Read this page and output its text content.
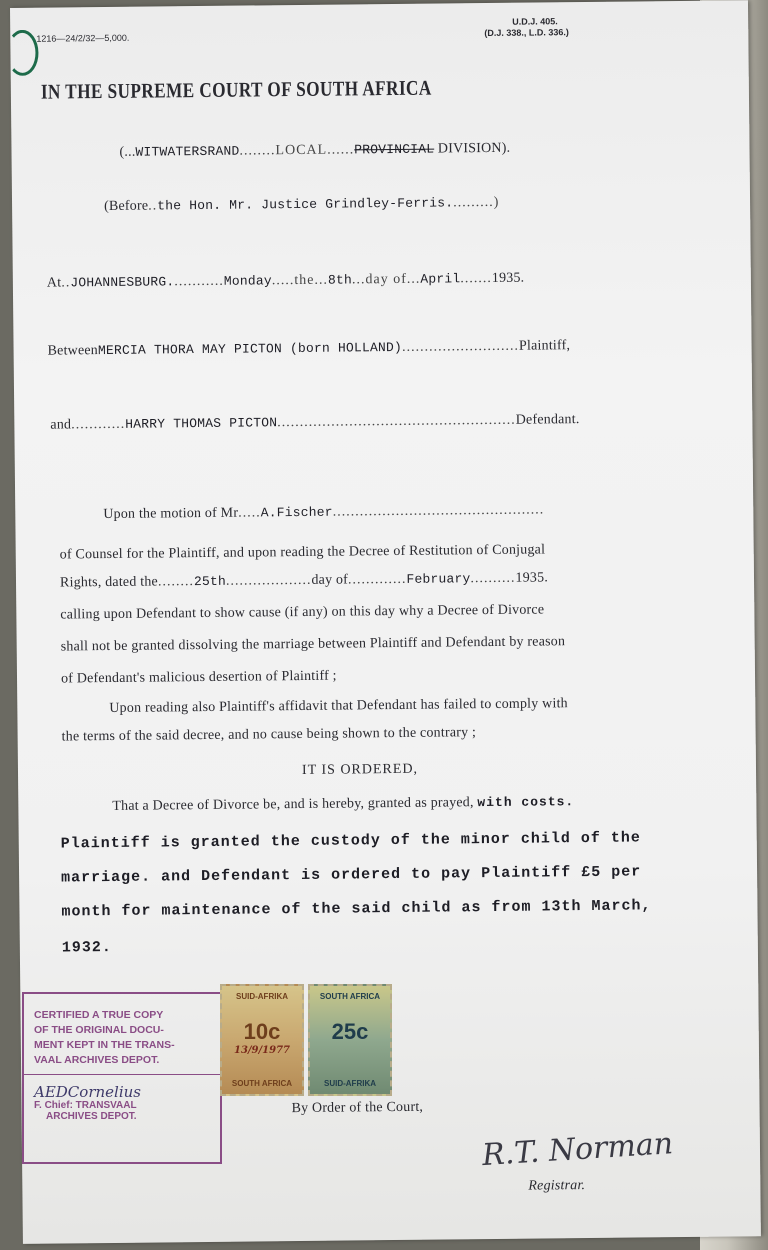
1216—24/2/32—5,000.
U.D.J. 405.
(D.J. 338., L.D. 336.)
IN THE SUPREME COURT OF SOUTH AFRICA
(...WITWATERSRAND........LOCAL......PROVINCIAL DIVISION).
(Before..the Hon. Mr. Justice Grindley-Ferris..........)
At..JOHANNESBURG............Monday.....the...8th...day of...April.......1935.
BetweenMERCIA THORA MAY PICTON (born HOLLAND)..........................Plaintiff,
and............HARRY THOMAS PICTON.....................................................Defendant.
Upon the motion of Mr.....A.Fischer...............................................
of Counsel for the Plaintiff, and upon reading the Decree of Restitution of Conjugal
Rights, dated the........25th...................day of.............February..........1935.
calling upon Defendant to show cause (if any) on this day why a Decree of Divorce
shall not be granted dissolving the marriage between Plaintiff and Defendant by reason
of Defendant's malicious desertion of Plaintiff ;
Upon reading also Plaintiff's affidavit that Defendant has failed to comply with
the terms of the said decree, and no cause being shown to the contrary ;
IT IS ORDERED,
That a Decree of Divorce be, and is hereby, granted as prayed, with costs.
Plaintiff is granted the custody of the minor child of the
marriage. and Defendant is ordered to pay Plaintiff £5 per
month for maintenance of the said child as from 13th March,
1932.
By Order of the Court,
R.T. Norman
Registrar.
CERTIFIED A TRUE COPY
OF THE ORIGINAL DOCU-
MENT KEPT IN THE TRANS-
VAAL ARCHIVES DEPOT.
AEDCornelius
F. Chief: TRANSVAAL
ARCHIVES DEPOT.
SUID-AFRIKA
10c
13/9/1977
SOUTH AFRICA
SOUTH AFRICA
25c
SUID-AFRIKA
